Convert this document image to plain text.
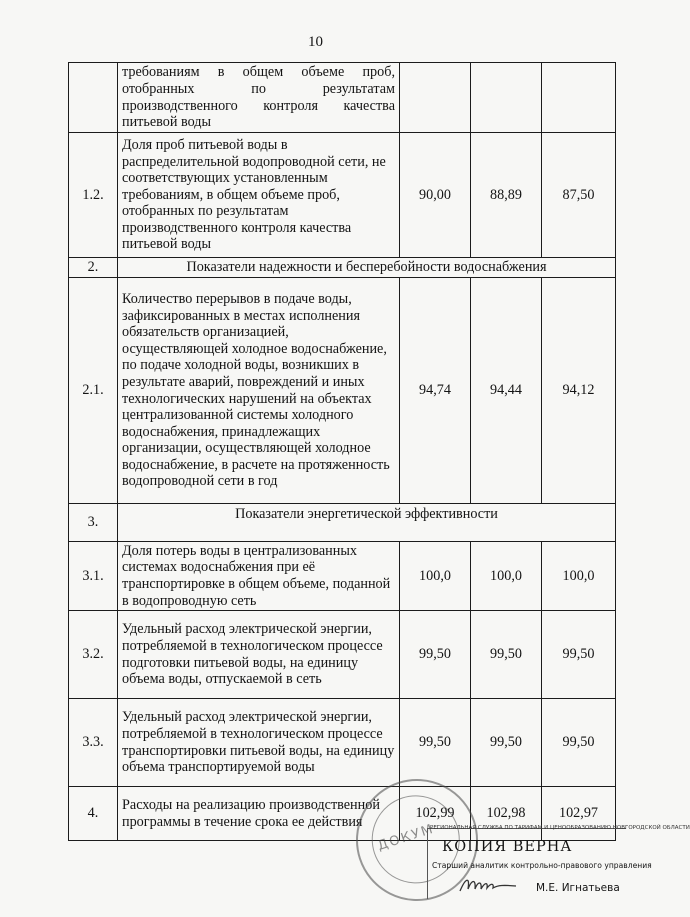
10
	требованиям в общем объеме проб, отобранных по результатам производственного контроля качества питьевой воды			
1.2.	Доля проб питьевой воды в распределительной водопроводной сети, не соответствующих установленным требованиям, в общем объеме проб, отобранных по результатам производственного контроля качества питьевой воды	90,00	88,89	87,50
2.	Показатели надежности и бесперебойности водоснабжения			
2.1.	Количество перерывов в подаче воды, зафиксированных в местах исполнения обязательств организацией, осуществляющей холодное водоснабжение, по подаче холодной воды, возникших в результате аварий, повреждений и иных технологических нарушений на объектах централизованной системы холодного водоснабжения, принадлежащих организации, осуществляющей холодное водоснабжение, в расчете на протяженность водопроводной сети в год	94,74	94,44	94,12
3.	Показатели энергетической эффективности			
3.1.	Доля потерь воды в централизованных системах водоснабжения при её транспортировке в общем объеме, поданной в водопроводную сеть	100,0	100,0	100,0
3.2.	Удельный расход электрической энергии, потребляемой в технологическом процессе подготовки питьевой воды, на единицу объема воды, отпускаемой в сеть	99,50	99,50	99,50
3.3.	Удельный расход электрической энергии, потребляемой в технологическом процессе транспортировки питьевой воды, на единицу объема транспортируемой воды	99,50	99,50	99,50
4.	Расходы на реализацию производственной программы в течение срока ее действия	102,99	102,98	102,97
ДОКУМ
РЕГИОНАЛЬНАЯ СЛУЖБА ПО ТАРИФАМ И ЦЕНООБРАЗОВАНИЮ НОВГОРОДСКОЙ ОБЛАСТИ
КОПИЯ ВЕРНА
Старший аналитик контрольно-правового управления
М.Е. Игнатьева
